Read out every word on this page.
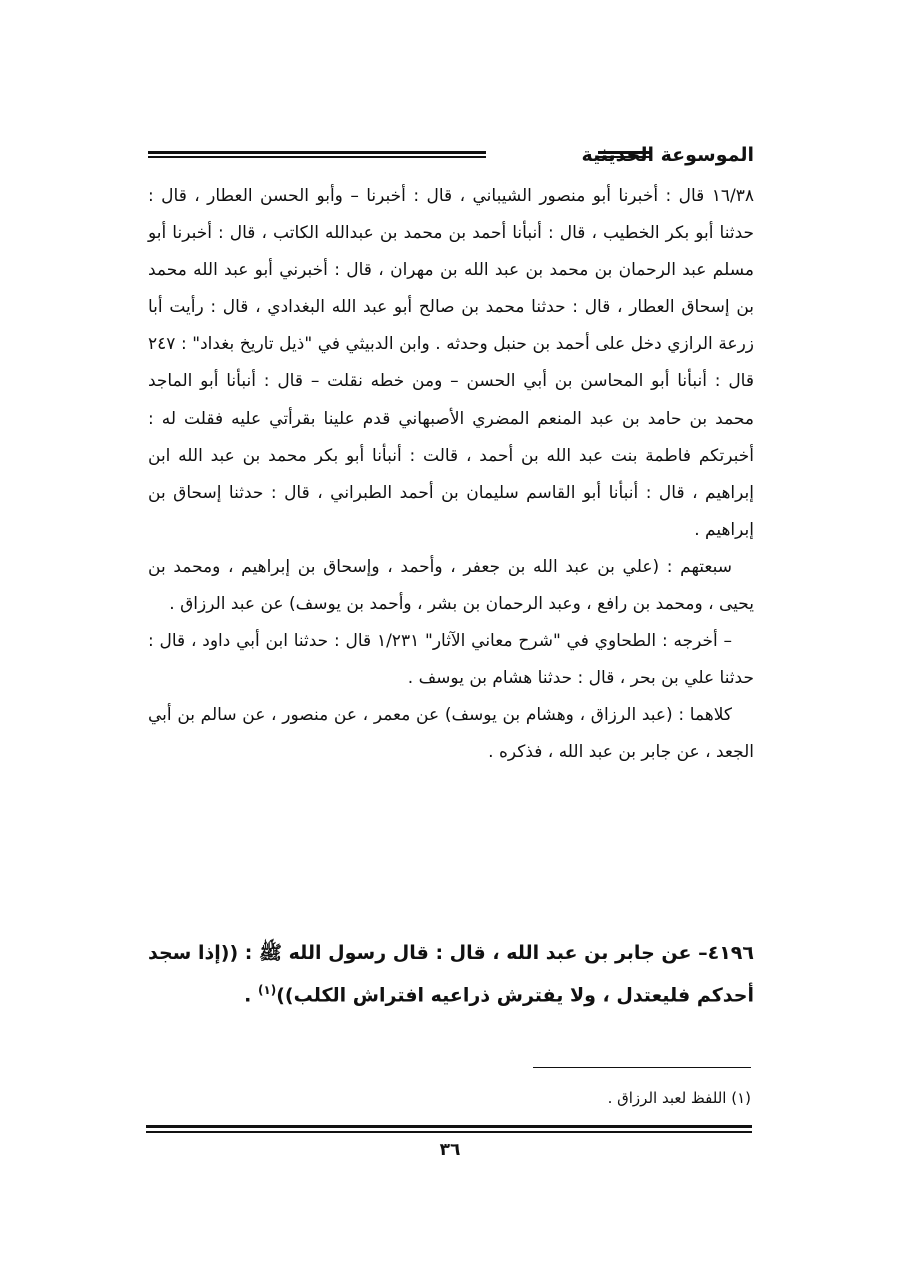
الموسوعة الحديثية

١٦/٣٨ قال : أخبرنا أبو منصور الشيباني ، قال : أخبرنا – وأبو الحسن العطار ، قال : حدثنا أبو بكر الخطيب ، قال : أنبأنا أحمد بن محمد بن عبدالله الكاتب ، قال : أخبرنا أبو مسلم عبد الرحمان بن محمد بن عبد الله بن مهران ، قال : أخبرني أبو عبد الله محمد بن إسحاق العطار ، قال : حدثنا محمد بن صالح أبو عبد الله البغدادي ، قال : رأيت أبا زرعة الرازي دخل على أحمد بن حنبل وحدثه . وابن الدبيثي في "ذيل تاريخ بغداد" : ٢٤٧ قال : أنبأنا أبو المحاسن بن أبي الحسن – ومن خطه نقلت – قال : أنبأنا أبو الماجد محمد بن حامد بن عبد المنعم المضري الأصبهاني قدم علينا بقرأتي عليه فقلت له : أخبرتكم فاطمة بنت عبد الله بن أحمد ، قالت : أنبأنا أبو بكر محمد بن عبد الله ابن إبراهيم ، قال : أنبأنا أبو القاسم سليمان بن أحمد الطبراني ، قال : حدثنا إسحاق بن إبراهيم .

سبعتهم : (علي بن عبد الله بن جعفر ، وأحمد ، وإسحاق بن إبراهيم ، ومحمد بن يحيى ، ومحمد بن رافع ، وعبد الرحمان بن بشر ، وأحمد بن يوسف) عن عبد الرزاق .

– أخرجه : الطحاوي في "شرح معاني الآثار" ١/٢٣١ قال : حدثنا ابن أبي داود ، قال : حدثنا علي بن بحر ، قال : حدثنا هشام بن يوسف .

كلاهما : (عبد الرزاق ، وهشام بن يوسف) عن معمر ، عن منصور ، عن سالم بن أبي الجعد ، عن جابر بن عبد الله ، فذكره .

٤١٩٦– عن جابر بن عبد الله ، قال : قال رسول الله ﷺ : ((إذا سجد أحدكم فليعتدل ، ولا يفترش ذراعيه افتراش الكلب))$^{(١)}$ .

(١) اللفظ لعبد الرزاق .
٣٦
